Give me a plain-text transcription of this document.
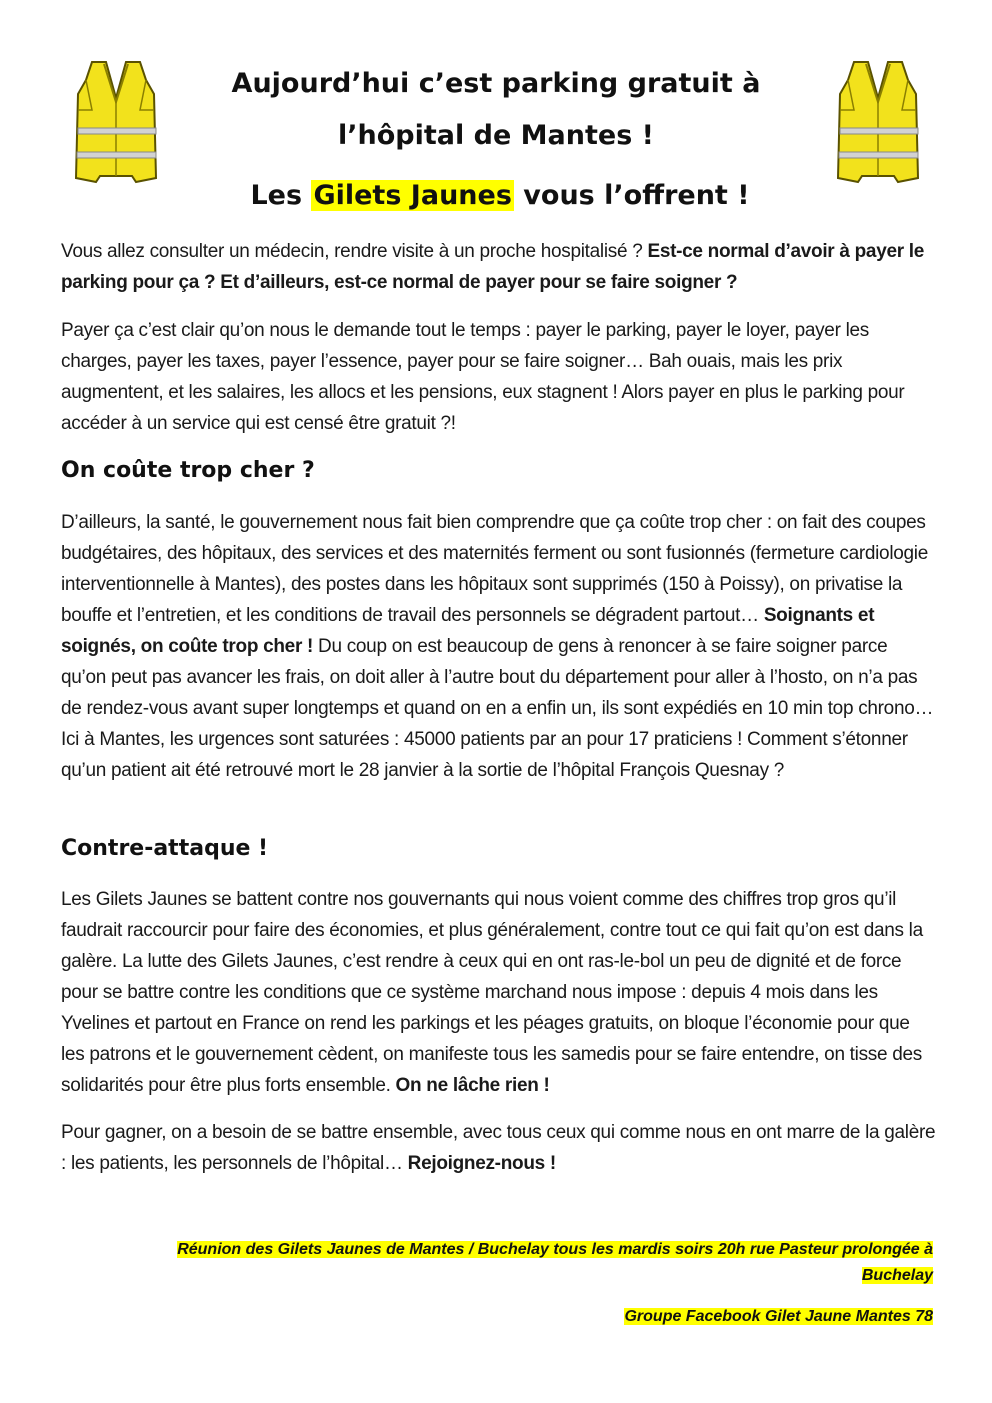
Aujourd’hui c’est parking gratuit à
l’hôpital de Mantes !
Les Gilets Jaunes vous l’offrent !
Vous allez consulter un médecin, rendre visite à un proche hospitalisé ? Est-ce normal d’avoir à payer le parking pour ça ? Et d’ailleurs, est-ce normal de payer pour se faire soigner ?
Payer ça c’est clair qu’on nous le demande tout le temps : payer le parking, payer le loyer, payer les charges, payer les taxes, payer l’essence, payer pour se faire soigner… Bah ouais, mais les prix augmentent, et les salaires, les allocs et les pensions, eux stagnent ! Alors payer en plus le parking pour accéder à un service qui est censé être gratuit ?!
On coûte trop cher ?
D’ailleurs, la santé, le gouvernement nous fait bien comprendre que ça coûte trop cher : on fait des coupes budgétaires, des hôpitaux, des services et des maternités ferment ou sont fusionnés (fermeture cardiologie interventionnelle à Mantes), des postes dans les hôpitaux sont supprimés (150 à Poissy), on privatise la bouffe et l’entretien, et les conditions de travail des personnels se dégradent partout… Soignants et soignés, on coûte trop cher ! Du coup on est beaucoup de gens à renoncer à se faire soigner parce qu’on peut pas avancer les frais, on doit aller à l’autre bout du département pour aller à l’hosto, on n’a pas de rendez-vous avant super longtemps et quand on en a enfin un, ils sont expédiés en 10 min top chrono… Ici à Mantes, les urgences sont saturées : 45000 patients par an pour 17 praticiens ! Comment s’étonner qu’un patient ait été retrouvé mort le 28 janvier à la sortie de l’hôpital François Quesnay ?
Contre-attaque !
Les Gilets Jaunes se battent contre nos gouvernants qui nous voient comme des chiffres trop gros qu’il faudrait raccourcir pour faire des économies, et plus généralement, contre tout ce qui fait qu’on est dans la galère. La lutte des Gilets Jaunes, c’est rendre à ceux qui en ont ras-le-bol un peu de dignité et de force pour se battre contre les conditions que ce système marchand nous impose : depuis 4 mois dans les Yvelines et partout en France on rend les parkings et les péages gratuits, on bloque l’économie pour que les patrons et le gouvernement cèdent, on manifeste tous les samedis pour se faire entendre, on tisse des solidarités pour être plus forts ensemble. On ne lâche rien !
Pour gagner, on a besoin de se battre ensemble, avec tous ceux qui comme nous en ont marre de la galère : les patients, les personnels de l’hôpital… Rejoignez-nous !
Réunion des Gilets Jaunes de Mantes / Buchelay tous les mardis soirs 20h rue Pasteur prolongée à
Buchelay
Groupe Facebook Gilet Jaune Mantes 78
